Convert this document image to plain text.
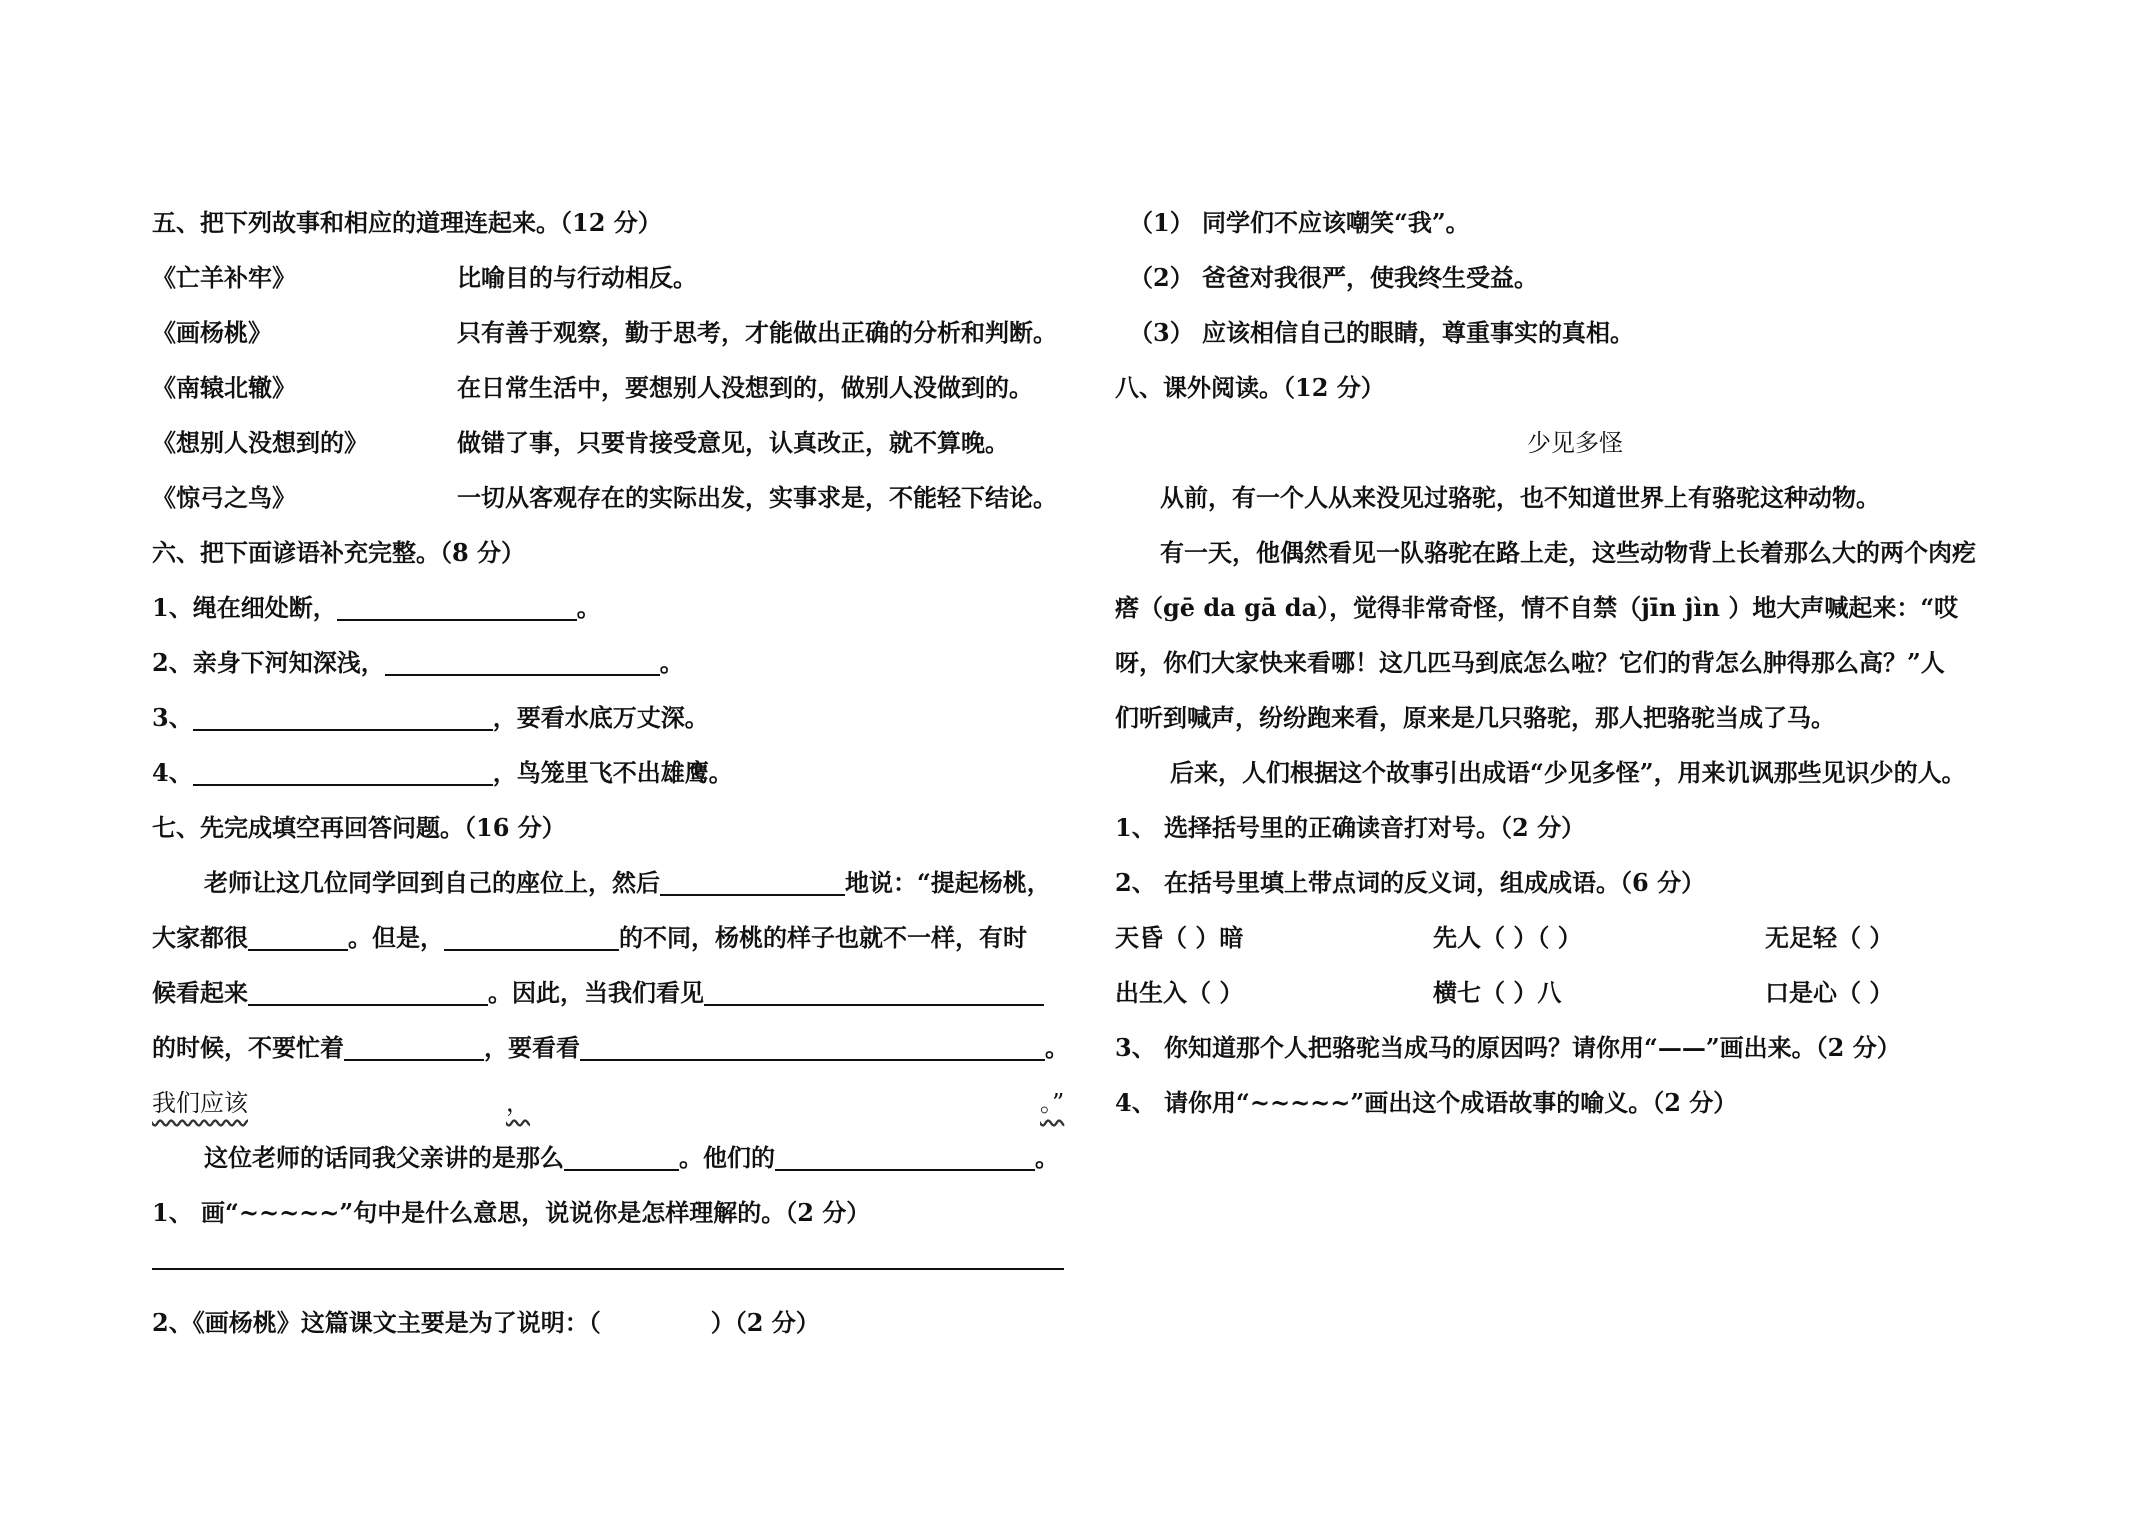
五、把下列故事和相应的道理连起来。（12 分）
《亡羊补牢》	比喻目的与行动相反。
《画杨桃》	只有善于观察，勤于思考，才能做出正确的分析和判断。
《南辕北辙》	在日常生活中，要想别人没想到的，做别人没做到的。
《想别人没想到的》	做错了事，只要肯接受意见，认真改正，就不算晚。
《惊弓之鸟》	一切从客观存在的实际出发，实事求是，不能轻下结论。
六、把下面谚语补充完整。（8 分）
1、绳在细处断，	。
2、亲身下河知深浅，	。
3、	，要看水底万丈深。
4、	，鸟笼里飞不出雄鹰。
七、先完成填空再回答问题。（16 分）
老师让这几位同学回到自己的座位上，然后	地说：“提起杨桃，
大家都很	。但是，	的不同，杨桃的样子也就不一样，有时
候看起来	。因此，当我们看见
的时候，不要忙着	，要看看	。
我们应该	，	。”
这位老师的话同我父亲讲的是那么	。他们的	。
1、 画“~~~~~”句中是什么意思，说说你是怎样理解的。（2 分）
2、《画杨桃》这篇课文主要是为了说明：（	）（2 分）
（1） 同学们不应该嘲笑“我”。
（2） 爸爸对我很严，使我终生受益。
（3） 应该相信自己的眼睛，尊重事实的真相。
八、课外阅读。（12 分）
少见多怪
从前，有一个人从来没见过骆驼，也不知道世界上有骆驼这种动物。
有一天，他偶然看见一队骆驼在路上走，这些动物背上长着那么大的两个肉疙
瘩（gē da gā da），觉得非常奇怪，情不自禁（jīn jìn ）地大声喊起来：“哎
呀，你们大家快来看哪！这几匹马到底怎么啦？它们的背怎么肿得那么高？”人
们听到喊声，纷纷跑来看，原来是几只骆驼，那人把骆驼当成了马。
后来，人们根据这个故事引出成语“少见多怪”，用来讥讽那些见识少的人。
1、 选择括号里的正确读音打对号。（2 分）
2、 在括号里填上带点词的反义词，组成成语。（6 分）
天昏（ ）暗	先人（ ）（ ）	无足轻（ ）
出生入（ ）	横七（ ）八	口是心（ ）
3、 你知道那个人把骆驼当成马的原因吗？请你用“——”画出来。（2 分）
4、 请你用“~~~~~”画出这个成语故事的喻义。（2 分）
